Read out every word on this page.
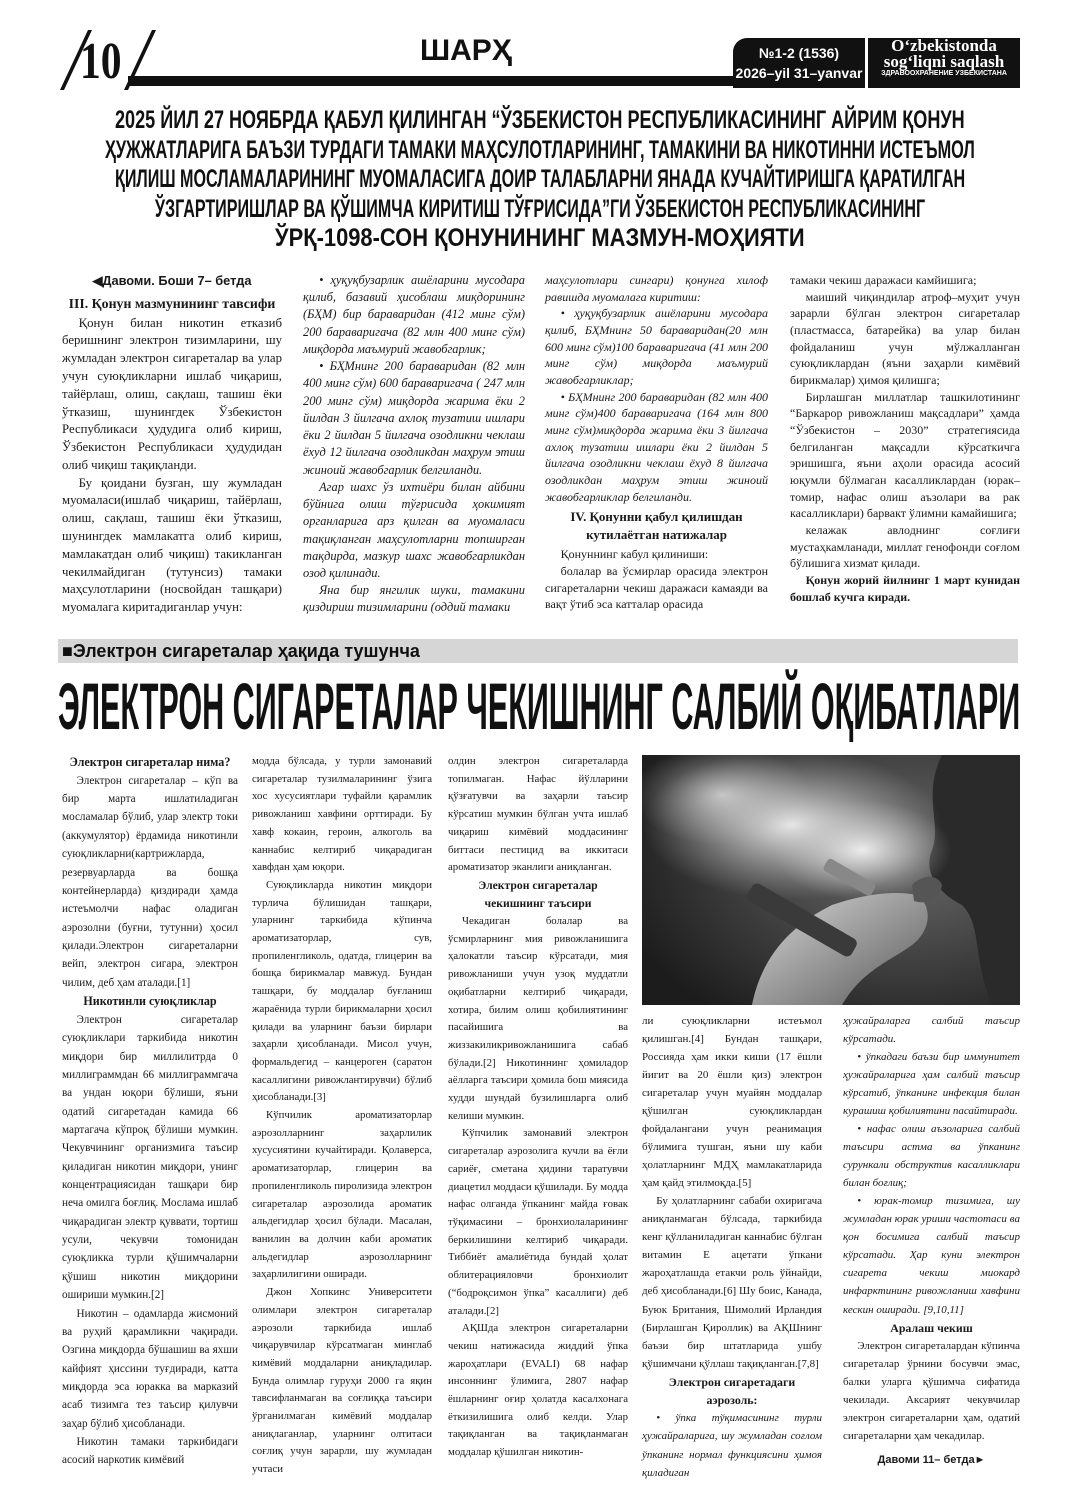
10	ШАРҲ	№1-2 (1536)
2026–yil 31–yanvar
O‘zbekistonda
sog‘liqni saqlash
ЗДРАВООХРАНЕНИЕ УЗБЕКИСТАНА
2025 ЙИЛ 27 НОЯБРДА ҚАБУЛ ҚИЛИНГАН “ЎЗБЕКИСТОН РЕСПУБЛИКАСИНИНГ АЙРИМ ҚОНУН
ҲУЖЖАТЛАРИГА БАЪЗИ ТУРДАГИ ТАМАКИ МАҲСУЛОТЛАРИНИНГ, ТАМАКИНИ ВА НИКОТИННИ ИСТЕЪМОЛ
ҚИЛИШ МОСЛАМАЛАРИНИНГ МУОМАЛАСИГА ДОИР ТАЛАБЛАРНИ ЯНАДА КУЧАЙТИРИШГА ҚАРАТИЛГАН
ЎЗГАРТИРИШЛАР ВА ҚЎШИМЧА КИРИТИШ ТЎҒРИСИДА”ГИ ЎЗБЕКИСТОН РЕСПУБЛИКАСИНИНГ
ЎРҚ-1098-СОН ҚОНУНИНИНГ МАЗМУН-МОҲИЯТИ
◀Давоми. Боши 7– бетда
III. Қонун мазмунининг тавсифи

Қонун билан никотин етказиб беришнинг электрон тизимларини, шу жумладан электрон сигареталар ва улар учун суюқликларни ишлаб чиқариш, тайёрлаш, олиш, сақлаш, ташиш ёки ўтказиш, шунингдек Ўзбекистон Республикаси ҳудудига олиб кириш, Ўзбекистон Республикаси ҳудудидан олиб чиқиш тақиқланди.

Бу қоидани бузган, шу жумладан муомаласи(ишлаб чиқариш, тайёрлаш, олиш, сақлаш, ташиш ёки ўтказиш, шунингдек мамлакатга олиб кириш, мамлакатдан олиб чиқиш) такикланган чекилмайдиган (тутунсиз) тамаки маҳсулотларини (носвойдан ташқари) муомалага киритадиганлар учун:

• ҳуқуқбузарлик ашёларини мусодара қилиб, базавий ҳисоблаш миқдорининг (БҲМ) бир бараваридан (412 минг сўм) 200 бараваригача (82 млн 400 минг сўм) миқдорда маъмурий жавобгарлик;

• БҲМнинг 200 бараваридан (82 млн 400 минг сўм) 600 бараваригача ( 247 млн 200 минг сўм) миқдорда жарима ёки 2 йилдан 3 йилгача ахлоқ тузатиш ишлари ёки 2 йилдан 5 йилгача озодликни чеклаш ёхуд 12 йилгача озодликдан маҳрум этиш жиноий жавобгарлик белгиланди.

Агар шахс ўз ихтиёри билан айбини бўйнига олиш тўғрисида ҳокимият органларига арз қилган ва муомаласи тақиқланган маҳсулотларни топширган тақдирда, мазкур шахс жавобгарликдан озод қилинади.

Яна бир янгилик шуки, тамакини қиздириш тизимларини (оддий тамаки

маҳсулотлари сингари) қонунга хилоф равишда муомалага киритиш:

• ҳуқуқбузарлик ашёларини мусодара қилиб, БҲМнинг 50 бараваридан(20 млн 600 минг сўм)100 бараваригача (41 млн 200 минг сўм) миқдорда маъмурий жавобгарликлар;

• БҲМнинг 200 бараваридан (82 млн 400 минг сўм)400 бараваригача (164 млн 800 минг сўм)миқдорда жарима ёки 3 йилгача ахлоқ тузатиш ишлари ёки 2 йилдан 5 йилгача озодликни чеклаш ёхуд 8 йилгача озодликдан маҳрум этиш жиноий жавобгарликлар белгиланди.

IV. Қонунни қабул қилишдан кутилаётган натижалар

Қонуннинг кабул қилиниши:

болалар ва ўсмирлар орасида электрон сигареталарни чекиш даражаси камаяди ва вақт ўтиб эса катталар орасида

тамаки чекиш даражаси камйишига;

маиший чиқиндилар атроф–муҳит учун зарарли бўлган электрон сигареталар (пластмасса, батарейка) ва улар билан фойдаланиш учун мўлжалланган суюқликлардан (яъни заҳарли кимёвий бирикмалар) ҳимоя қилишга;

Бирлашган миллатлар ташкилотининг “Баркарор ривожланиш мақсадлари” ҳамда “Ўзбекистон – 2030” стратегиясида белгиланган мақсадли кўрсаткичга эришишга, яъни аҳоли орасида асосий юқумли бўлмаган касалликлардан (юрак–томир, нафас олиш аъзолари ва рак касалликлари) барвакт ўлимни камайишига;

келажак авлоднинг соғлиғи мустаҳкамланади, миллат генофонди соғлом бўлишига хизмат қилади.

Қонун жорий йилнинг 1 март кунидан бошлаб кучга киради.

■Электрон сигареталар ҳақида тушунча
ЭЛЕКТРОН СИГАРЕТАЛАР ЧЕКИШНИНГ САЛБИЙ ОҚИБАТЛАРИ
Электрон сигареталар нима?

Электрон сигареталар – кўп ва бир марта ишлатиладиган мосламалар бўлиб, улар электр токи (аккумулятор) ёрдамида никотинли суюқликларни(картрижларда, резервуарларда ва бошқа контейнерларда) қиздиради ҳамда истеъмолчи нафас оладиган аэрозолни (буғни, тутунни) ҳосил қилади.Электрон сигареталарни вейп, электрон сигара, электрон чилим, деб ҳам аталади.[1]

Никотинли суюқликлар

Электрон сигареталар суюқликлари таркибида никотин миқдори бир миллилитрда 0 миллиграммдан 66 миллиграммгача ва ундан юқори бўлиши, яъни одатий сигаретадан камида 66 мартагача кўпроқ бўлиши мумкин. Чекувчининг организмига таъсир қиладиган никотин миқдори, унинг концентрациясидан ташқари бир неча омилга боғлиқ. Мослама ишлаб чиқарадиган электр қуввати, тортиш усули, чекувчи томонидан суюқликка турли қўшимчаларни қўшиш никотин миқдорини ошириши мумкин.[2]

Никотин – одамларда жисмоний ва руҳий қарамликни чақиради. Озгина миқдорда бўшашиш ва яхши кайфият ҳиссини туғдиради, катта миқдорда эса юракка ва марказий асаб тизимга тез таъсир қилувчи заҳар бўлиб ҳисобланади.

Никотин тамаки таркибидаги асосий наркотик кимёвий

модда бўлсада, у турли замонавий сигареталар тузилмаларининг ўзига хос хусусиятлари туфайли қарамлик ривожланиш хавфини орттиради. Бу хавф кокаин, героин, алкоголь ва каннабис келтириб чиқарадиган хавфдан ҳам юқори.

Суюқликларда никотин миқдори турлича бўлишидан ташқари, уларнинг таркибида кўпинча ароматизаторлар, сув, пропиленгликоль, одатда, глицерин ва бошқа бирикмалар мавжуд. Бундан ташқари, бу моддалар буғланиш жараёнида турли бирикмаларни ҳосил қилади ва уларнинг баъзи бирлари заҳарли ҳисобланади. Мисол учун, формальдегид – канцероген (саратон касаллигини ривожлантирувчи) бўлиб ҳисобланади.[3]

Кўпчилик ароматизаторлар аэрозолларнинг заҳарлилик хусусиятини кучайтиради. Қолаверса, ароматизаторлар, глицерин ва пропиленгликоль пиролизида электрон сигареталар аэрозолида ароматик альдегидлар ҳосил бўлади. Масалан, ванилин ва долчин каби ароматик альдегидлар аэрозолларнинг заҳарлилигини оширади.

Джон Хопкинс Университети олимлари электрон сигареталар аэрозоли таркибида ишлаб чиқарувчилар кўрсатмаган минглаб кимёвий моддаларни аниқладилар. Бунда олимлар гуруҳи 2000 га яқин тавсифланмаган ва соғлиққа таъсири ўрганилмаган кимёвий моддалар аниқлаганлар, уларнинг олтитаси соғлиқ учун зарарли, шу жумладан учтаси

олдин электрон сигареталарда топилмаган. Нафас йўлларини қўзғатувчи ва заҳарли таъсир кўрсатиш мумкин бўлган учта ишлаб чиқариш кимёвий моддасининг биттаси пестицид ва иккитаси ароматизатор эканлиги аниқланган.

Электрон сигареталар чекишнинг таъсири

Чекадиган болалар ва ўсмирларнинг мия ривожланишига ҳалокатли таъсир кўрсатади, мия ривожланиши учун узоқ муддатли оқибатларни келтириб чиқаради, хотира, билим олиш қобилиятининг пасайишига ва жиззакиликривожланишига сабаб бўлади.[2] Никотиннинг ҳомиладор аёлларга таъсири ҳомила бош миясида худди шундай бузилишларга олиб келиши мумкин.

Кўпчилик замонавий электрон сигареталар аэрозолига кучли ва ёғли сариёғ, сметана ҳидини таратувчи диацетил моддаси қўшилади. Бу модда нафас олганда ўпканинг майда ғовак тўқимасини – бронхиолаларининг беркилишини келтириб чиқаради. Тиббиёт амалиётида бундай ҳолат облитерацияловчи бронхиолит (“бодроқсимон ўпка” касаллиги) деб аталади.[2]

АҚШда электрон сигареталарни чекиш натижасида жиддий ўпка жароҳатлари (EVALI) 68 нафар инсоннинг ўлимига, 2807 нафар ёшларнинг оғир ҳолатда касалхонага ёткизилишига олиб келди. Улар тақиқланган ва тақиқланмаган моддалар қўшилган никотин-

ли суюқликларни истеъмол қилишган.[4] Бундан ташқари, Россияда ҳам икки киши (17 ёшли йигит ва 20 ёшли қиз) электрон сигареталар учун муайян моддалар қўшилган суюқликлардан фойдалангани учун реанимация бўлимига тушган, яъни шу каби ҳолатларнинг МДҲ мамлакатларида ҳам қайд этилмоқда.[5]

Бу ҳолатларнинг сабаби охиригача аниқланмаган бўлсада, таркибида кенг қўлланиладиган каннабис бўлган витамин Е ацетати ўпкани жароҳатлашда етакчи роль ўйнайди, деб ҳисобланади.[6] Шу боис, Канада, Буюк Британия, Шимолий Ирландия (Бирлашган Қироллик) ва АҚШнинг баъзи бир штатларида ушбу қўшимчани қўллаш тақиқланган.[7,8]

Электрон сигаретадаги аэрозоль:

• ўпка тўқимасининг турли ҳужайраларига, шу жумладан соғлом ўпканинг нормал функциясини ҳимоя қиладиган

ҳужайраларга салбий таъсир кўрсатади.

• ўпкадаги баъзи бир иммунитет ҳужайраларига ҳам салбий таъсир кўрсатиб, ўпканинг инфекция билан курашиш қобилиятини пасайтиради.

• нафас олиш аъзоларига салбий таъсири астма ва ўпканинг сурункали обструктив касалликлари билан боғлиқ;

• юрак-томир тизимига, шу жумладан юрак уриши частотаси ва қон босимига салбий таъсир кўрсатади. Ҳар куни электрон сигарета чекиш миокард инфарктининг ривожланиш хавфини кескин оширади. [9,10,11]

Аралаш чекиш

Электрон сигареталардан кўпинча сигареталар ўрнини босувчи эмас, балки уларга қўшимча сифатида чекилади. Аксарият чекувчилар электрон сигареталарни ҳам, одатий сигареталарни ҳам чекадилар.

Давоми 11– бетда►
